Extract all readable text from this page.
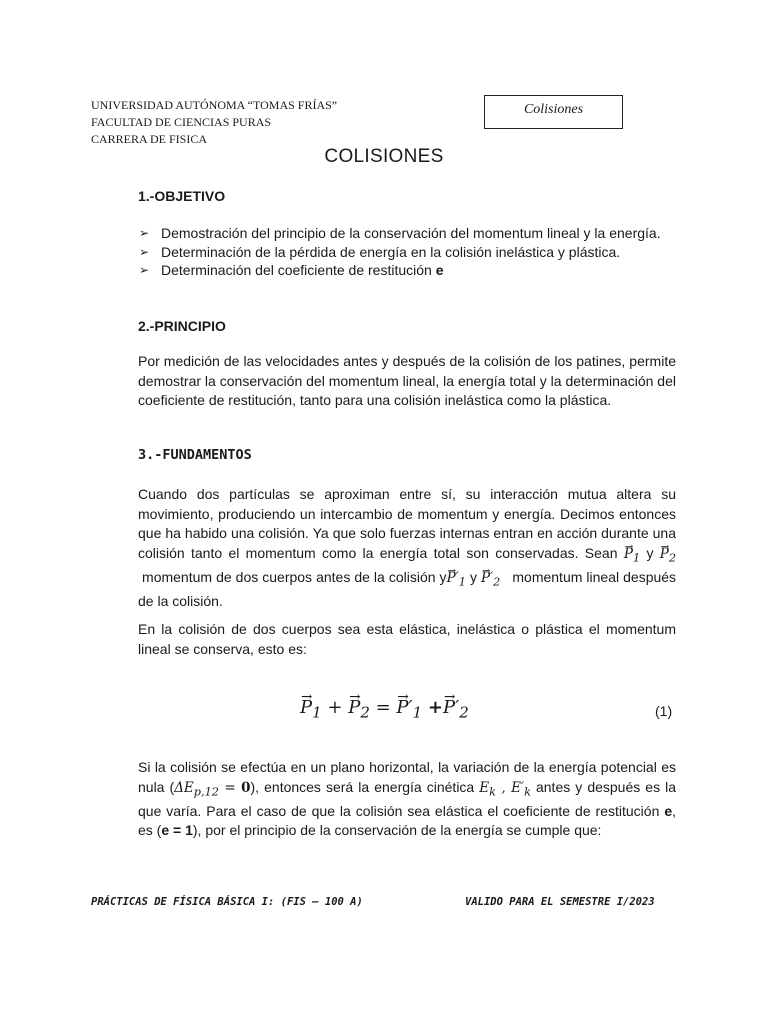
UNIVERSIDAD AUTÓNOMA “TOMAS FRÍAS”
FACULTAD DE CIENCIAS PURAS
CARRERA DE FISICA
Colisiones
COLISIONES
1.-OBJETIVO
➢ Demostración del principio de la conservación del momentum lineal y la energía.
➢ Determinación de la pérdida de energía en la colisión inelástica y plástica.
➢ Determinación del coeficiente de restitución e
2.-PRINCIPIO
Por medición de las velocidades antes y después de la colisión de los patines, permite demostrar la conservación del momentum lineal, la energía total y la determinación del coeficiente de restitución, tanto para una colisión inelástica como la plástica.
3.-FUNDAMENTOS
Cuando dos partículas se aproximan entre sí, su interacción mutua altera su movimiento, produciendo un intercambio de momentum y energía. Decimos entonces que ha habido una colisión. Ya que solo fuerzas internas entran en acción durante una colisión tanto el momentum como la energía total son conservadas. Sean → $P_1$ $y \to P_2$  momentum de dos cuerpos antes de la colisión $y\to P'_1$ $y \to P'_2$ momentum lineal después de la colisión.
En la colisión de dos cuerpos sea esta elástica, inelástica o plástica el momentum lineal se conserva, esto es:
→ $P_1$ + → $P_2$ = → $P'_1 +\to P'_2$	(1)
Si la colisión se efectúa en un plano horizontal, la variación de la energía potencial es nula $(\Delta E_{p,12} = 0)$, entonces será la energía cinética $E_k$ , $E'_k$ antes y después es la que varía. Para el caso de que la colisión sea elástica el coeficiente de restitución e, es (e = 1), por el principio de la conservación de la energía se cumple que:
PRÁCTICAS DE FÍSICA BÁSICA I: (FIS – 100 A)	VALIDO PARA EL SEMESTRE I/2023
